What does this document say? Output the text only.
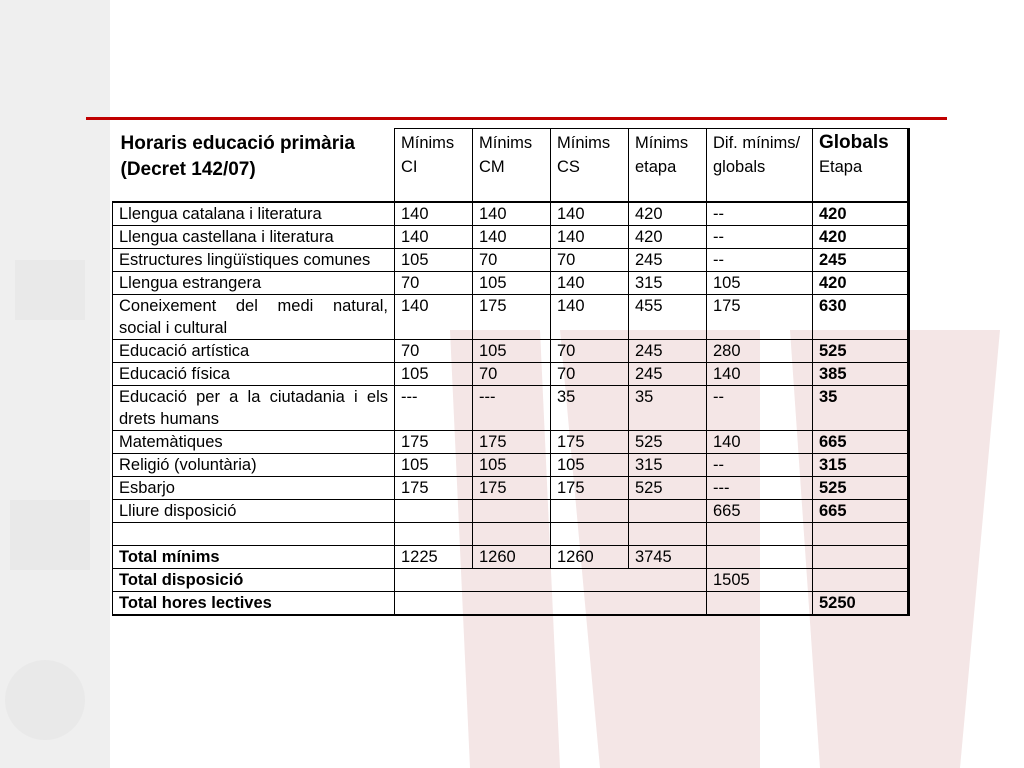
Horaris educació primària (Decret 142/07)	Mínims CI	Mínims CM	Mínims CS	Mínims etapa	Dif. mínims/ globals	Globals
Etapa
Llengua catalana i literatura	140	140	140	420	--	420
Llengua castellana i literatura	140	140	140	420	--	420
Estructures lingüïstiques comunes	105	70	70	245	--	245
Llengua estrangera	70	105	140	315	105	420
Coneixement del medi natural, social i cultural	140	175	140	455	175	630
Educació artística	70	105	70	245	280	525
Educació física	105	70	70	245	140	385
Educació per a la ciutadania i els drets humans	---	---	35	35	--	35
Matemàtiques	175	175	175	525	140	665
Religió (voluntària)	105	105	105	315	--	315
Esbarjo	175	175	175	525	---	525
Lliure disposició					665	665

Total mínims	1225	1260	1260	3745		
Total disposició					1505	
Total hores lectives						5250
